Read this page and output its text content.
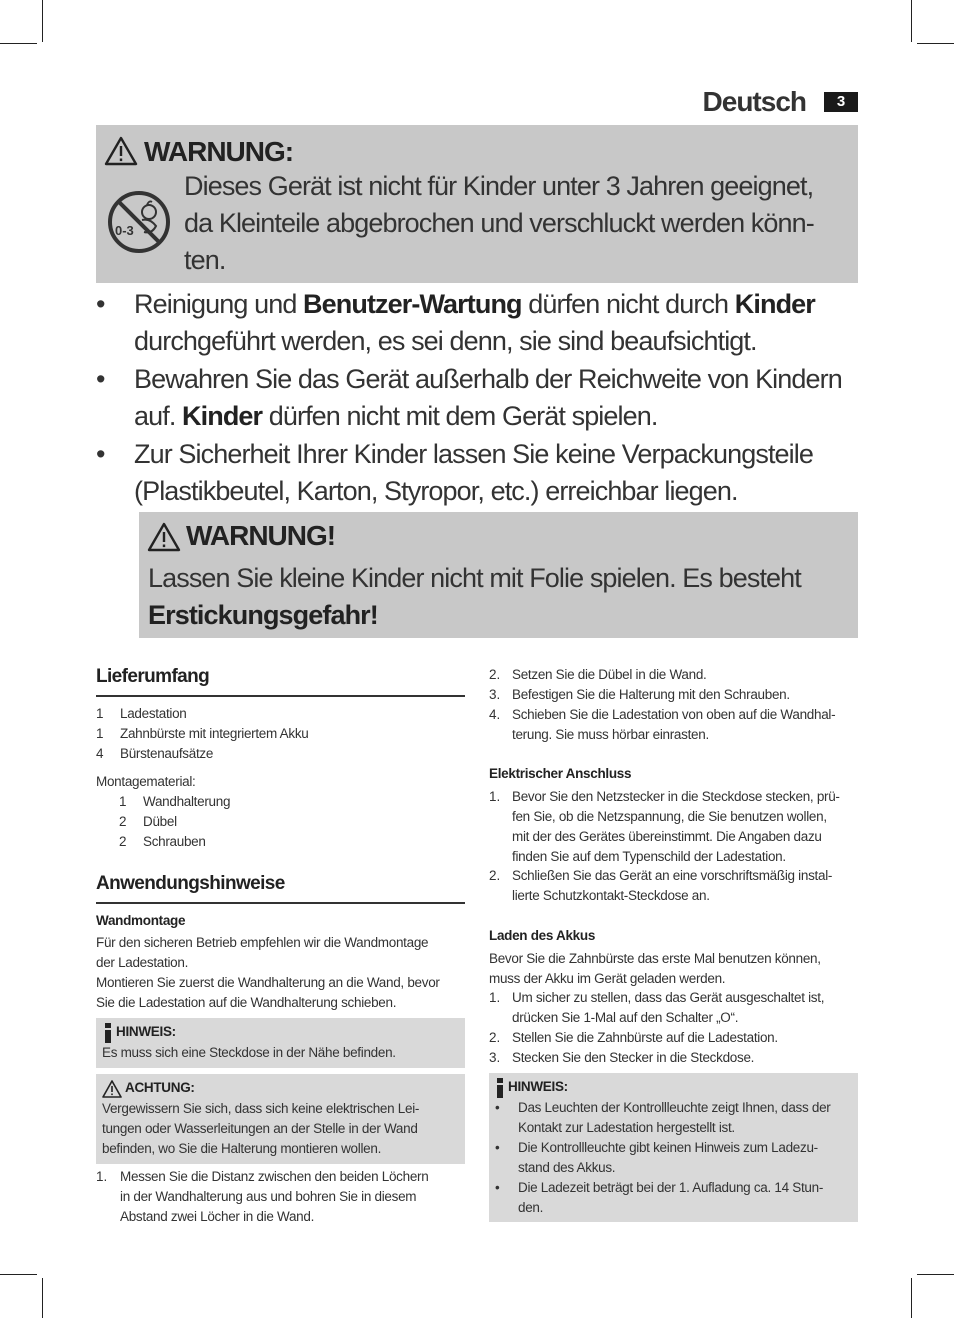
Deutsch	3
WARNUNG:
0-3
Dieses Gerät ist nicht für Kinder unter 3 Jahren geeignet,
da Kleinteile abgebrochen und verschluckt werden könn-
ten.
• Reinigung und Benutzer-Wartung dürfen nicht durch Kinder
durchgeführt werden, es sei denn, sie sind beaufsichtigt.
• Bewahren Sie das Gerät außerhalb der Reichweite von Kindern
auf. Kinder dürfen nicht mit dem Gerät spielen.
• Zur Sicherheit Ihrer Kinder lassen Sie keine Verpackungsteile
(Plastikbeutel, Karton, Styropor, etc.) erreichbar liegen.
WARNUNG!
Lassen Sie kleine Kinder nicht mit Folie spielen. Es besteht
Erstickungsgefahr!
Lieferumfang
1 Ladestation
1 Zahnbürste mit integriertem Akku
4 Bürstenaufsätze
Montagematerial:
1 Wandhalterung
2 Dübel
2 Schrauben
Anwendungshinweise
Wandmontage
Für den sicheren Betrieb empfehlen wir die Wandmontage
der Ladestation.
Montieren Sie zuerst die Wandhalterung an die Wand, bevor
Sie die Ladestation auf die Wandhalterung schieben.
HINWEIS:
Es muss sich eine Steckdose in der Nähe befinden.
ACHTUNG:
Vergewissern Sie sich, dass sich keine elektrischen Lei-
tungen oder Wasserleitungen an der Stelle in der Wand
befinden, wo Sie die Halterung montieren wollen.
1. Messen Sie die Distanz zwischen den beiden Löchern
in der Wandhalterung aus und bohren Sie in diesem
Abstand zwei Löcher in die Wand.
2. Setzen Sie die Dübel in die Wand.
3. Befestigen Sie die Halterung mit den Schrauben.
4. Schieben Sie die Ladestation von oben auf die Wandhal-
terung. Sie muss hörbar einrasten.
Elektrischer Anschluss
1. Bevor Sie den Netzstecker in die Steckdose stecken, prü-
fen Sie, ob die Netzspannung, die Sie benutzen wollen,
mit der des Gerätes übereinstimmt. Die Angaben dazu
finden Sie auf dem Typenschild der Ladestation.
2. Schließen Sie das Gerät an eine vorschriftsmäßig instal-
lierte Schutzkontakt-Steckdose an.
Laden des Akkus
Bevor Sie die Zahnbürste das erste Mal benutzen können,
muss der Akku im Gerät geladen werden.
1. Um sicher zu stellen, dass das Gerät ausgeschaltet ist,
drücken Sie 1-Mal auf den Schalter „O“.
2. Stellen Sie die Zahnbürste auf die Ladestation.
3. Stecken Sie den Stecker in die Steckdose.
HINWEIS:
• Das Leuchten der Kontrollleuchte zeigt Ihnen, dass der
Kontakt zur Ladestation hergestellt ist.
• Die Kontrollleuchte gibt keinen Hinweis zum Ladezu-
stand des Akkus.
• Die Ladezeit beträgt bei der 1. Aufladung ca. 14 Stun-
den.
